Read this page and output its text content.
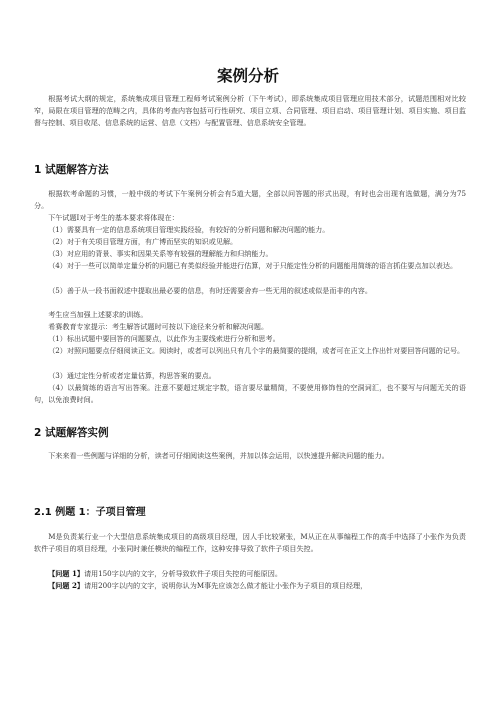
案例分析

根据考试大纲的规定，系统集成项目管理工程师考试案例分析（下午考试），即系统集成项目管理应用技术部分，试题范围相对比较窄，局限在项目管理的范畴之内，具体的考查内容包括可行性研究、项目立项、合同管理、项目启动、项目管理计划、项目实施、项目监督与控制、项目收尾、信息系统的运营、信息（文档）与配置管理、信息系统安全管理。

1 试题解答方法

根据软考命题的习惯，一般中级的考试下午案例分析会有5道大题，全部以问答题的形式出现，有时也会出现有选做题，满分为75分。

下午试题I对于考生的基本要求将体现在：

（1）需要具有一定的信息系统项目管理实践经验，有较好的分析问题和解决问题的能力。

（2）对于有关项目管理方面，有广博而坚实的知识或见解。

（3）对应用的背景、事实和因果关系等有较强的理解能力和归纳能力。

（4）对于一些可以简单定量分析的问题已有类似经验并能进行估算，对于只能定性分析的问题能用简练的语言抓住要点加以表达。

（5）善于从一段书面叙述中提取出最必要的信息，有时还需要舍弃一些无用的叙述或似是而非的内容。

考生应当加强上述要求的训练。

希赛教育专家提示：考生解答试题时可按以下途径来分析和解决问题。

（1）标出试题中要回答的问题要点，以此作为主要线索进行分析和思考。

（2）对照问题要点仔细阅读正文。阅读时，或者可以列出只有几个字的最简要的提纲，或者可在正文上作出针对要回答问题的记号。

（3）通过定性分析或者定量估算，构思答案的要点。

（4）以最简练的语言写出答案。注意不要超过规定字数，语言要尽量精简，不要使用修饰性的空洞词汇，也不要写与问题无关的语句，以免浪费时间。

2 试题解答实例

下来来看一些例题与详细的分析，读者可仔细阅读这些案例，并加以体会运用，以快速提升解决问题的能力。

2.1 例题 1：子项目管理

M是负责某行业一个大型信息系统集成项目的高级项目经理，因人手比较紧张，M从正在从事编程工作的高手中选择了小张作为负责软件子项目的项目经理，小张同时兼任模块的编程工作，这种安排导致了软件子项目失控。

【问题 1】请用150字以内的文字，分析导致软件子项目失控的可能原因。

【问题 2】请用200字以内的文字，说明你认为M事先应该怎么做才能让小张作为子项目的项目经理，
